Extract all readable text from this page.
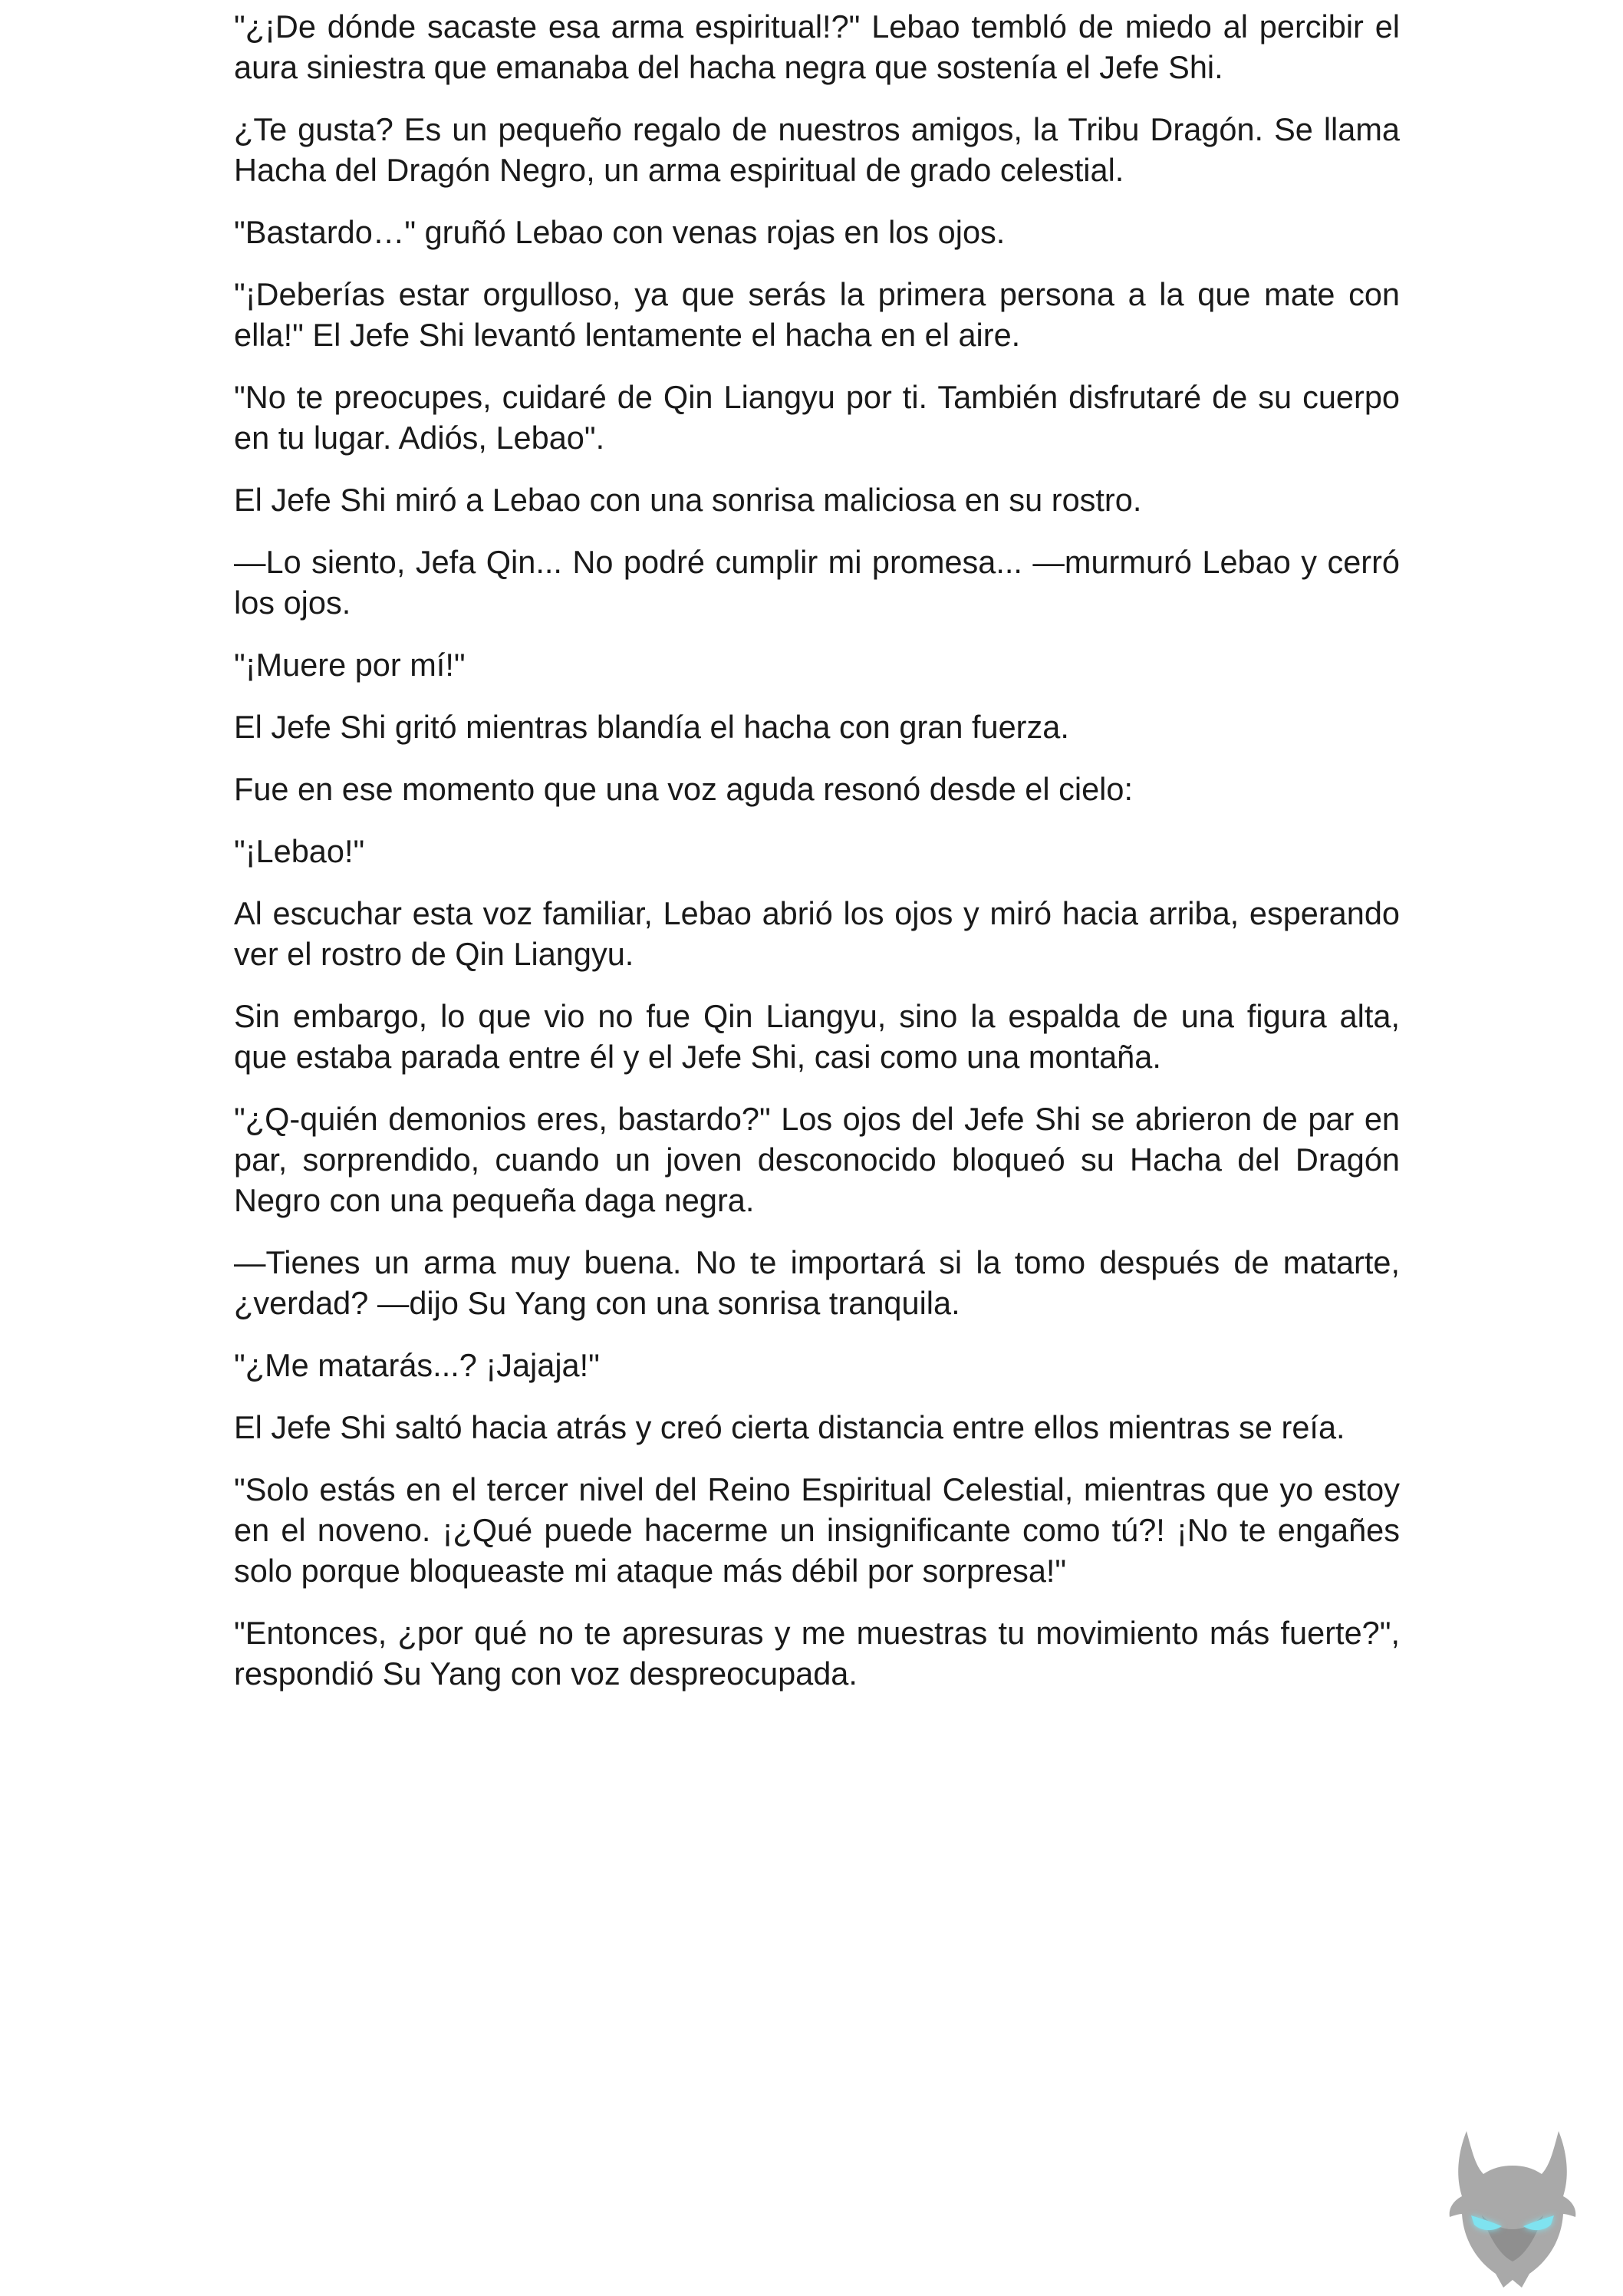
"¿¡De dónde sacaste esa arma espiritual!?" Lebao tembló de miedo al percibir el aura siniestra que emanaba del hacha negra que sostenía el Jefe Shi.

¿Te gusta? Es un pequeño regalo de nuestros amigos, la Tribu Dragón. Se llama Hacha del Dragón Negro, un arma espiritual de grado celestial.

"Bastardo…" gruñó Lebao con venas rojas en los ojos.

"¡Deberías estar orgulloso, ya que serás la primera persona a la que mate con ella!" El Jefe Shi levantó lentamente el hacha en el aire.

"No te preocupes, cuidaré de Qin Liangyu por ti. También disfrutaré de su cuerpo en tu lugar. Adiós, Lebao".

El Jefe Shi miró a Lebao con una sonrisa maliciosa en su rostro.

—Lo siento, Jefa Qin... No podré cumplir mi promesa... —murmuró Lebao y cerró los ojos.

"¡Muere por mí!"

El Jefe Shi gritó mientras blandía el hacha con gran fuerza.

Fue en ese momento que una voz aguda resonó desde el cielo:

"¡Lebao!"

Al escuchar esta voz familiar, Lebao abrió los ojos y miró hacia arriba, esperando ver el rostro de Qin Liangyu.

Sin embargo, lo que vio no fue Qin Liangyu, sino la espalda de una figura alta, que estaba parada entre él y el Jefe Shi, casi como una montaña.

"¿Q-quién demonios eres, bastardo?" Los ojos del Jefe Shi se abrieron de par en par, sorprendido, cuando un joven desconocido bloqueó su Hacha del Dragón Negro con una pequeña daga negra.

—Tienes un arma muy buena. No te importará si la tomo después de matarte, ¿verdad? —dijo Su Yang con una sonrisa tranquila.

"¿Me matarás...? ¡Jajaja!"

El Jefe Shi saltó hacia atrás y creó cierta distancia entre ellos mientras se reía.

"Solo estás en el tercer nivel del Reino Espiritual Celestial, mientras que yo estoy en el noveno. ¡¿Qué puede hacerme un insignificante como tú?! ¡No te engañes solo porque bloqueaste mi ataque más débil por sorpresa!"

"Entonces, ¿por qué no te apresuras y me muestras tu movimiento más fuerte?", respondió Su Yang con voz despreocupada.
